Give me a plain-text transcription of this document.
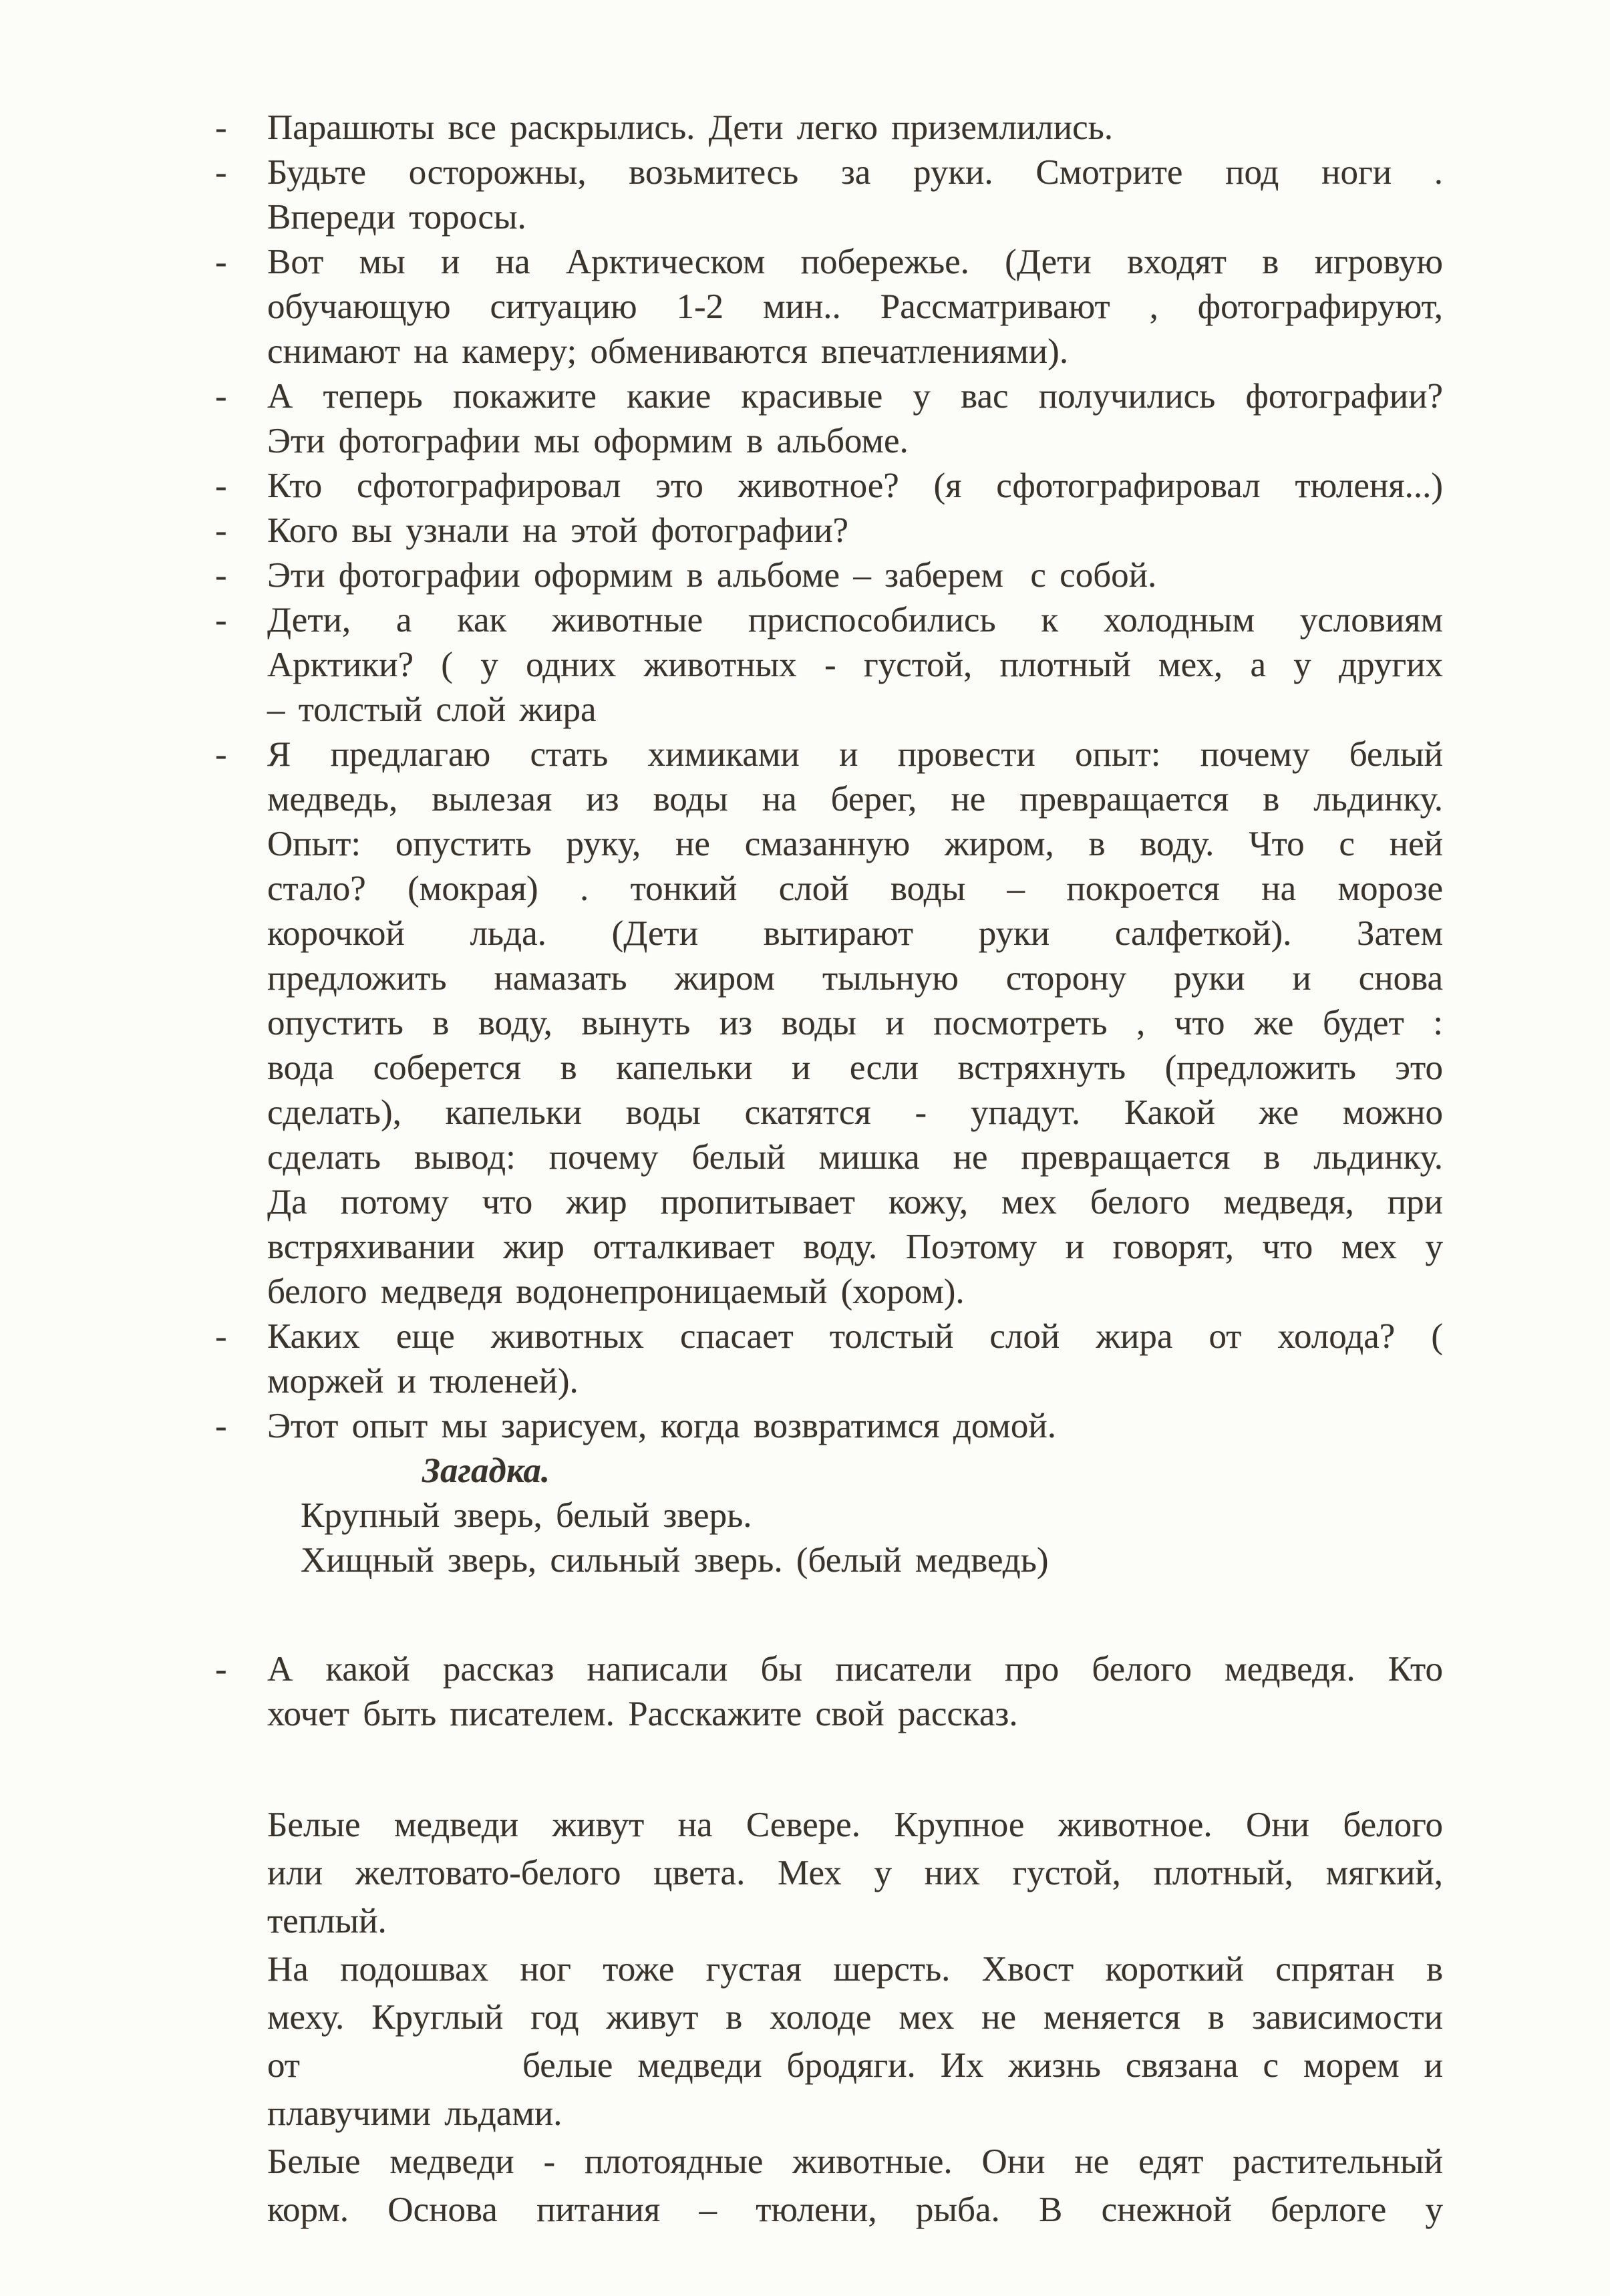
-	Парашюты все раскрылись. Дети легко приземлились.
-	Будьте осторожны, возьмитесь за руки. Смотрите под ноги .
Впереди торосы.
-	Вот мы и на Арктическом побережье. (Дети входят в игровую
обучающую ситуацию 1-2 мин.. Рассматривают , фотографируют,
снимают на камеру; обмениваются впечатлениями).
-	А теперь покажите какие красивые у вас получились фотографии?
Эти фотографии мы оформим в альбоме.
-	Кто сфотографировал это животное? (я сфотографировал тюленя...)
-	Кого вы узнали на этой фотографии?
-	Эти фотографии оформим в альбоме – заберем  с собой.
-	Дети, а как животные приспособились к холодным условиям
Арктики? ( у одних животных - густой, плотный мех, а у других
– толстый слой жира
-	Я предлагаю стать химиками и провести опыт: почему белый
медведь, вылезая из воды на берег, не превращается в льдинку.
Опыт: опустить руку, не смазанную жиром, в воду. Что с ней
стало? (мокрая) . тонкий слой воды – покроется на морозе
корочкой льда. (Дети вытирают руки салфеткой). Затем
предложить намазать жиром тыльную сторону руки и снова
опустить в воду, вынуть из воды и посмотреть , что же будет :
вода соберется в капельки и если встряхнуть (предложить это
сделать), капельки воды скатятся - упадут. Какой же можно
сделать вывод: почему белый мишка не превращается в льдинку.
Да потому что жир пропитывает кожу, мех белого медведя, при
встряхивании жир отталкивает воду. Поэтому и говорят, что мех у
белого медведя водонепроницаемый (хором).
-	Каких еще животных спасает толстый слой жира от холода? (
моржей и тюленей).
-	Этот опыт мы зарисуем, когда возвратимся домой.
Загадка.
Крупный зверь, белый зверь.
Хищный зверь, сильный зверь. (белый медведь)
-	А какой рассказ написали бы писатели про белого медведя. Кто
хочет быть писателем. Расскажите свой рассказ.
Белые медведи живут на Севере. Крупное животное. Они белого
или желтовато-белого цвета. Мех у них густой, плотный, мягкий,
теплый.
На подошвах ног тоже густая шерсть. Хвост короткий спрятан в
меху. Круглый год живут в холоде мех не меняется в зависимости
от         белые медведи бродяги. Их жизнь связана с морем и
плавучими льдами.
Белые медведи - плотоядные животные. Они не едят растительный
корм. Основа питания – тюлени, рыба. В снежной берлоге у
